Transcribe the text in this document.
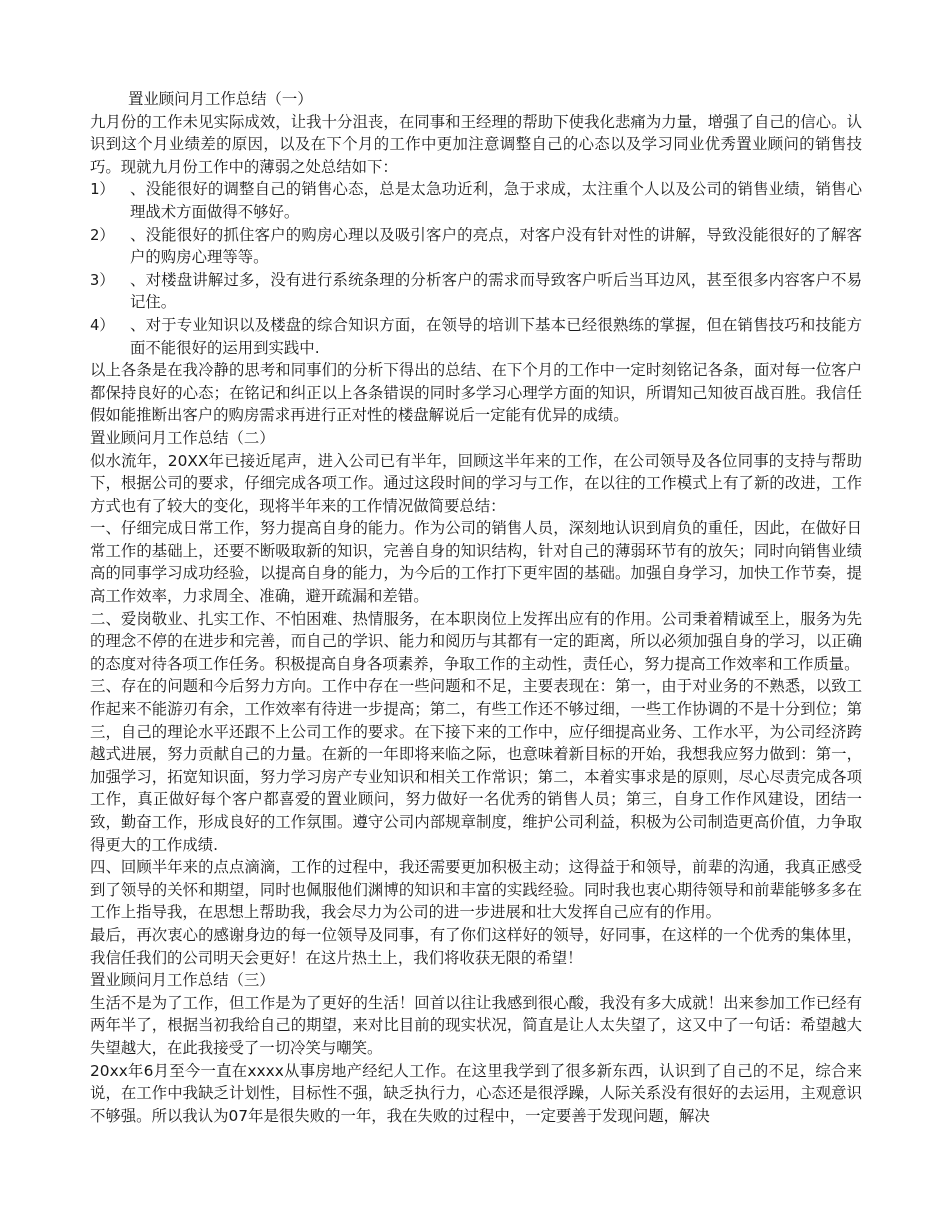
置业顾问月工作总结（一）

九月份的工作未见实际成效，让我十分沮丧，在同事和王经理的帮助下使我化悲痛为力量，增强了自己的信心。认识到这个月业绩差的原因，以及在下个月的工作中更加注意调整自己的心态以及学习同业优秀置业顾问的销售技巧。现就九月份工作中的薄弱之处总结如下：

1） 、没能很好的调整自己的销售心态，总是太急功近利，急于求成，太注重个人以及公司的销售业绩，销售心理战术方面做得不够好。
2） 、没能很好的抓住客户的购房心理以及吸引客户的亮点，对客户没有针对性的讲解，导致没能很好的了解客户的购房心理等等。
3） 、对楼盘讲解过多，没有进行系统条理的分析客户的需求而导致客户听后当耳边风，甚至很多内容客户不易记住。
4） 、对于专业知识以及楼盘的综合知识方面，在领导的培训下基本已经很熟练的掌握，但在销售技巧和技能方面不能很好的运用到实践中.

以上各条是在我冷静的思考和同事们的分析下得出的总结、在下个月的工作中一定时刻铭记各条，面对每一位客户都保持良好的心态；在铭记和纠正以上各条错误的同时多学习心理学方面的知识，所谓知己知彼百战百胜。我信任假如能推断出客户的购房需求再进行正对性的楼盘解说后一定能有优异的成绩。

置业顾问月工作总结（二）

似水流年，20XX年已接近尾声，进入公司已有半年，回顾这半年来的工作，在公司领导及各位同事的支持与帮助下，根据公司的要求，仔细完成各项工作。通过这段时间的学习与工作，在以往的工作模式上有了新的改进，工作方式也有了较大的变化，现将半年来的工作情况做简要总结：

一、仔细完成日常工作，努力提高自身的能力。作为公司的销售人员，深刻地认识到肩负的重任，因此，在做好日常工作的基础上，还要不断吸取新的知识，完善自身的知识结构，针对自己的薄弱环节有的放矢；同时向销售业绩高的同事学习成功经验，以提高自身的能力，为今后的工作打下更牢固的基础。加强自身学习，加快工作节奏，提高工作效率，力求周全、准确，避开疏漏和差错。

二、爱岗敬业、扎实工作、不怕困难、热情服务，在本职岗位上发挥出应有的作用。公司秉着精诚至上，服务为先的理念不停的在进步和完善，而自己的学识、能力和阅历与其都有一定的距离，所以必须加强自身的学习，以正确的态度对待各项工作任务。积极提高自身各项素养，争取工作的主动性，责任心，努力提高工作效率和工作质量。

三、存在的问题和今后努力方向。工作中存在一些问题和不足，主要表现在：第一，由于对业务的不熟悉，以致工作起来不能游刃有余，工作效率有待进一步提高；第二，有些工作还不够过细，一些工作协调的不是十分到位；第三，自己的理论水平还跟不上公司工作的要求。在下接下来的工作中，应仔细提高业务、工作水平，为公司经济跨越式进展，努力贡献自己的力量。在新的一年即将来临之际，也意味着新目标的开始，我想我应努力做到：第一，加强学习，拓宽知识面，努力学习房产专业知识和相关工作常识；第二，本着实事求是的原则，尽心尽责完成各项工作，真正做好每个客户都喜爱的置业顾问，努力做好一名优秀的销售人员；第三，自身工作作风建设，团结一致，勤奋工作，形成良好的工作氛围。遵守公司内部规章制度，维护公司利益，积极为公司制造更高价值，力争取得更大的工作成绩.

四、回顾半年来的点点滴滴，工作的过程中，我还需要更加积极主动；这得益于和领导，前辈的沟通，我真正感受到了领导的关怀和期望，同时也佩服他们渊博的知识和丰富的实践经验。同时我也衷心期待领导和前辈能够多多在工作上指导我，在思想上帮助我，我会尽力为公司的进一步进展和壮大发挥自己应有的作用。

最后，再次衷心的感谢身边的每一位领导及同事，有了你们这样好的领导，好同事，在这样的一个优秀的集体里，我信任我们的公司明天会更好！在这片热土上，我们将收获无限的希望！

置业顾问月工作总结（三）

生活不是为了工作，但工作是为了更好的生活！回首以往让我感到很心酸，我没有多大成就！出来参加工作已经有两年半了，根据当初我给自己的期望，来对比目前的现实状况，简直是让人太失望了，这又中了一句话：希望越大失望越大，在此我接受了一切冷笑与嘲笑。

20xx年6月至今一直在xxxx从事房地产经纪人工作。在这里我学到了很多新东西，认识到了自己的不足，综合来说，在工作中我缺乏计划性，目标性不强，缺乏执行力，心态还是很浮躁，人际关系没有很好的去运用，主观意识不够强。所以我认为07年是很失败的一年，我在失败的过程中，一定要善于发现问题，解决
